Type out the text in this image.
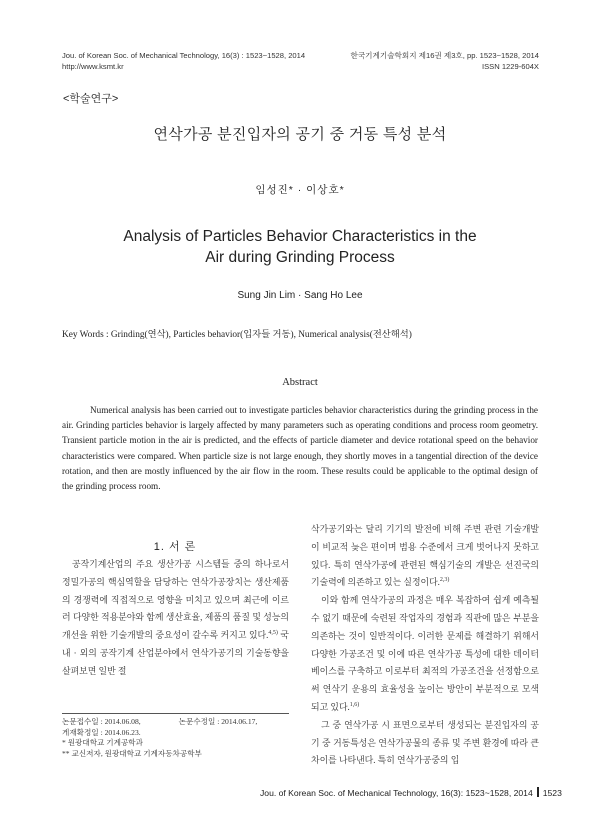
Jou. of Korean Soc. of Mechanical Technology, 16(3) : 1523~1528, 2014
http://www.ksmt.kr
한국기계기술학회지 제16권 제3호, pp. 1523~1528, 2014
ISSN 1229-604X
<학술연구>
연삭가공 분진입자의 공기 중 거동 특성 분석
임성진* · 이상호*
Analysis of Particles Behavior Characteristics in the
Air during Grinding Process
Sung Jin Lim · Sang Ho Lee
Key Words : Grinding(연삭), Particles behavior(입자들 거동), Numerical analysis(전산해석)
Abstract
Numerical analysis has been carried out to investigate particles behavior characteristics during the grinding process in the air. Grinding particles behavior is largely affected by many parameters such as operating conditions and process room geometry. Transient particle motion in the air is predicted, and the effects of particle diameter and device rotational speed on the behavior characteristics were compared. When particle size is not large enough, they shortly moves in a tangential direction of the device rotation, and then are mostly influenced by the air flow in the room. These results could be applicable to the optimal design of the grinding process room.
1. 서 론

공작기계산업의 주요 생산가공 시스템들 중의 하나로서 정밀가공의 핵심역할을 담당하는 연삭가공장치는 생산제품의 경쟁력에 직접적으로 영향을 미치고 있으며 최근에 이르러 다양한 적용분야와 함께 생산효율, 제품의 품질 및 성능의 개선을 위한 기술개발의 중요성이 갈수록 커지고 있다.$^{4,5)}$ 국내 · 외의 공작기계 산업분야에서 연삭가공기의 기술동향을 살펴보면 일반 절

논문접수일 : 2014.06.08,	논문수정일 : 2014.06.17,
게재확정일 : 2014.06.23.
* 원광대학교 기계공학과
** 교신저자, 원광대학교 기계자동차공학부

삭가공기와는 달리 기기의 발전에 비해 주변 관련 기술개발이 비교적 늦은 편이며 범용 수준에서 크게 벗어나지 못하고 있다. 특히 연삭가공에 관련된 핵심기술의 개발은 선진국의 기술력에 의존하고 있는 실정이다.$^{2,3)}$

이와 함께 연삭가공의 과정은 매우 복잡하여 쉽게 예측될 수 없기 때문에 숙련된 작업자의 경험과 직관에 많은 부분을 의존하는 것이 일반적이다. 이러한 문제를 해결하기 위해서 다양한 가공조건 및 이에 따른 연삭가공 특성에 대한 데이터베이스를 구축하고 이로부터 최적의 가공조건을 선정함으로써 연삭기 운용의 효율성을 높이는 방안이 부분적으로 모색되고 있다.$^{1,6)}$

그 중 연삭가공 시 표면으로부터 생성되는 분진입자의 공기 중 거동특성은 연삭가공물의 종류 및 주변 환경에 따라 큰 차이를 나타낸다. 특히 연삭가공중의 입

Jou. of Korean Soc. of Mechanical Technology, 16(3): 1523~1528, 2014 1523
